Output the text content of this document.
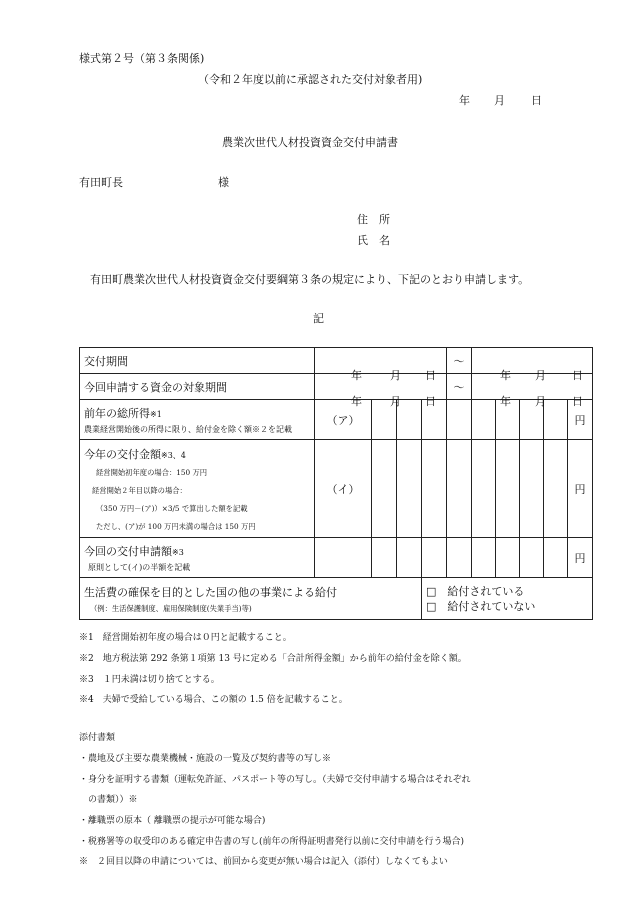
様式第２号（第３条関係)
（令和２年度以前に承認された交付対象者用)
年 月 日
農業次世代人材投資資金交付申請書
有田町長	様
住　所
氏　名
有田町農業次世代人材投資資金交付要綱第３条の規定により、下記のとおり申請します。
記
交付期間	年 月 日				～	年 月 日				

今回申請する資金の対象期間	年 月 日				～	年 月 日				

前年の総所得※1
農業経営開始後の所得に限り、給付金を除く額※２を記載	（ア）									円

今年の交付金額※3、4
経営開始初年度の場合：150 万円
経営開始２年目以降の場合：
（350 万円－(ア)）×3/5 で算出した額を記載
ただし、(ア)が 100 万円未満の場合は 150 万円	（イ）									円
今回の交付申請額※3
原則として(イ)の半額を記載										円

生活費の確保を目的とした国の他の事業による給付
（例：生活保護制度、雇用保険制度(失業手当)等)				□　 給付されている
□　 給付されていない						
※1　経営開始初年度の場合は０円と記載すること。
※2　地方税法第 292 条第１項第 13 号に定める「合計所得金額」から前年の給付金を除く額。
※3　１円未満は切り捨てとする。
※4　夫婦で受給している場合、この額の 1.5 倍を記載すること。
添付書類
・農地及び主要な農業機械・施設の一覧及び契約書等の写し※
・身分を証明する書類（運転免許証、パスポート等の写し。（夫婦で交付申請する場合はそれぞれ
　の書類））※
・離職票の原本（ 離職票の提示が可能な場合)
・税務署等の収受印のある確定申告書の写し(前年の所得証明書発行以前に交付申請を行う場合)
※　２回目以降の申請については、前回から変更が無い場合は記入（添付）しなくてもよい
